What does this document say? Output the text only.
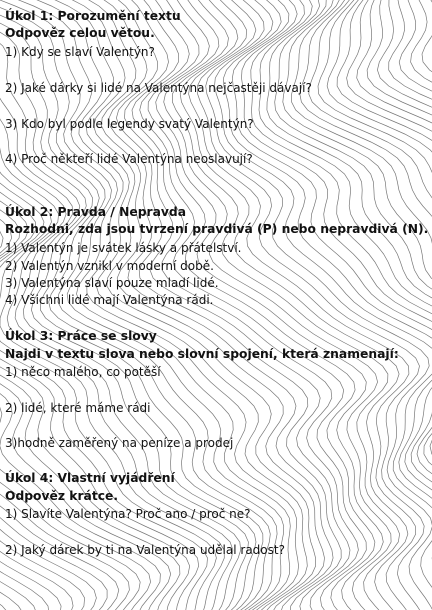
Úkol 1: Porozumění textu
Odpověz celou větou.
1) Kdy se slaví Valentýn?
2) Jaké dárky si lidé na Valentýna nejčastěji dávají?
3) Kdo byl podle legendy svatý Valentýn?
4) Proč někteří lidé Valentýna neoslavují?
Úkol 2: Pravda / Nepravda
Rozhodni, zda jsou tvrzení pravdivá (P) nebo nepravdivá (N).
1) Valentýn je svátek lásky a přátelství.
2) Valentýn vznikl v moderní době.
3) Valentýna slaví pouze mladí lidé.
4) Všichni lidé mají Valentýna rádi.
Úkol 3: Práce se slovy
Najdi v textu slova nebo slovní spojení, která znamenají:
1) něco malého, co potěší
2) lidé, které máme rádi
3)hodně zaměřený na peníze a prodej
Úkol 4: Vlastní vyjádření
Odpověz krátce.
1) Slavíte Valentýna? Proč ano / proč ne?
2) Jaký dárek by ti na Valentýna udělal radost?
